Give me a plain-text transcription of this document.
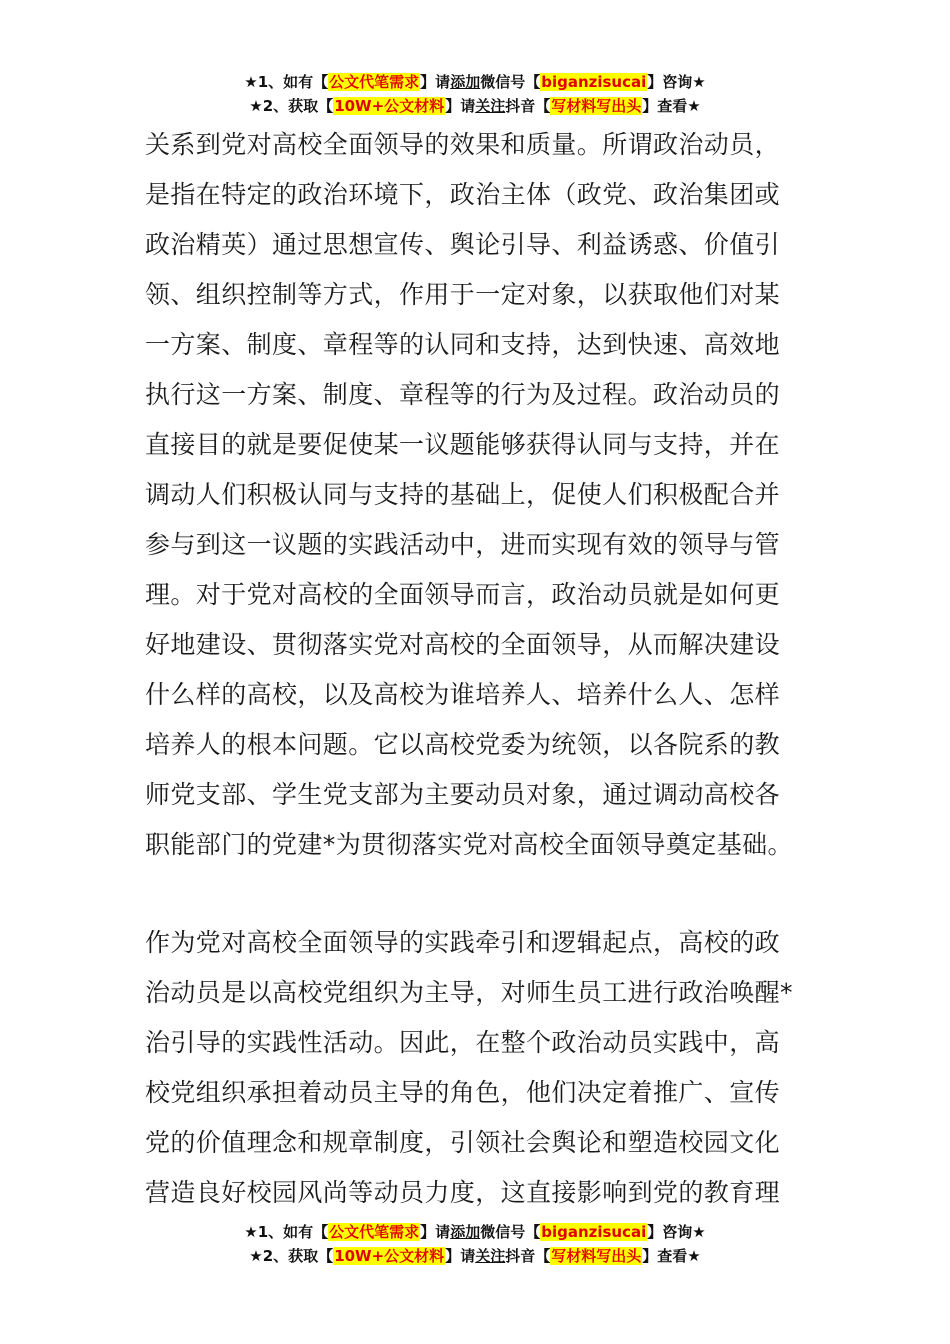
★1、如有【公文代笔需求】请添加微信号【biganzisucai】咨询★
★2、获取【10W+公文材料】请关注抖音【写材料写出头】查看★
关系到党对高校全面领导的效果和质量。所谓政治动员，
是指在特定的政治环境下，政治主体（政党、政治集团或
政治精英）通过思想宣传、舆论引导、利益诱惑、价值引
领、组织控制等方式，作用于一定对象，以获取他们对某
一方案、制度、章程等的认同和支持，达到快速、高效地
执行这一方案、制度、章程等的行为及过程。政治动员的
直接目的就是要促使某一议题能够获得认同与支持，并在
调动人们积极认同与支持的基础上，促使人们积极配合并
参与到这一议题的实践活动中，进而实现有效的领导与管
理。对于党对高校的全面领导而言，政治动员就是如何更
好地建设、贯彻落实党对高校的全面领导，从而解决建设
什么样的高校，以及高校为谁培养人、培养什么人、怎样
培养人的根本问题。它以高校党委为统领，以各院系的教
师党支部、学生党支部为主要动员对象，通过调动高校各
职能部门的党建*为贯彻落实党对高校全面领导奠定基础。
作为党对高校全面领导的实践牵引和逻辑起点，高校的政
治动员是以高校党组织为主导，对师生员工进行政治唤醒*
治引导的实践性活动。因此，在整个政治动员实践中，高
校党组织承担着动员主导的角色，他们决定着推广、宣传
党的价值理念和规章制度，引领社会舆论和塑造校园文化
营造良好校园风尚等动员力度，这直接影响到党的教育理
★1、如有【公文代笔需求】请添加微信号【biganzisucai】咨询★
★2、获取【10W+公文材料】请关注抖音【写材料写出头】查看★
